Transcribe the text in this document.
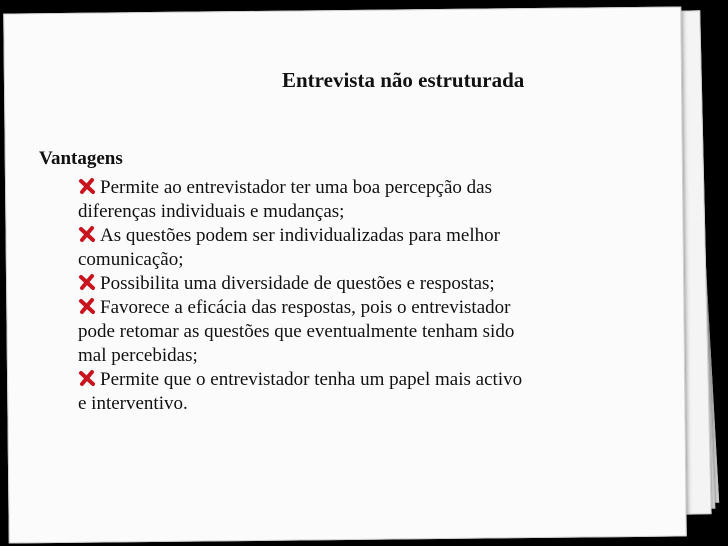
Entrevista não estruturada
Vantagens
Permite ao entrevistador ter uma boa percepção das
diferenças individuais e mudanças;
As questões podem ser individualizadas para melhor
comunicação;
Possibilita uma diversidade de questões e respostas;
Favorece a eficácia das respostas, pois o entrevistador
pode retomar as questões que eventualmente tenham sido
mal percebidas;
Permite que o entrevistador tenha um papel mais activo
e interventivo.
